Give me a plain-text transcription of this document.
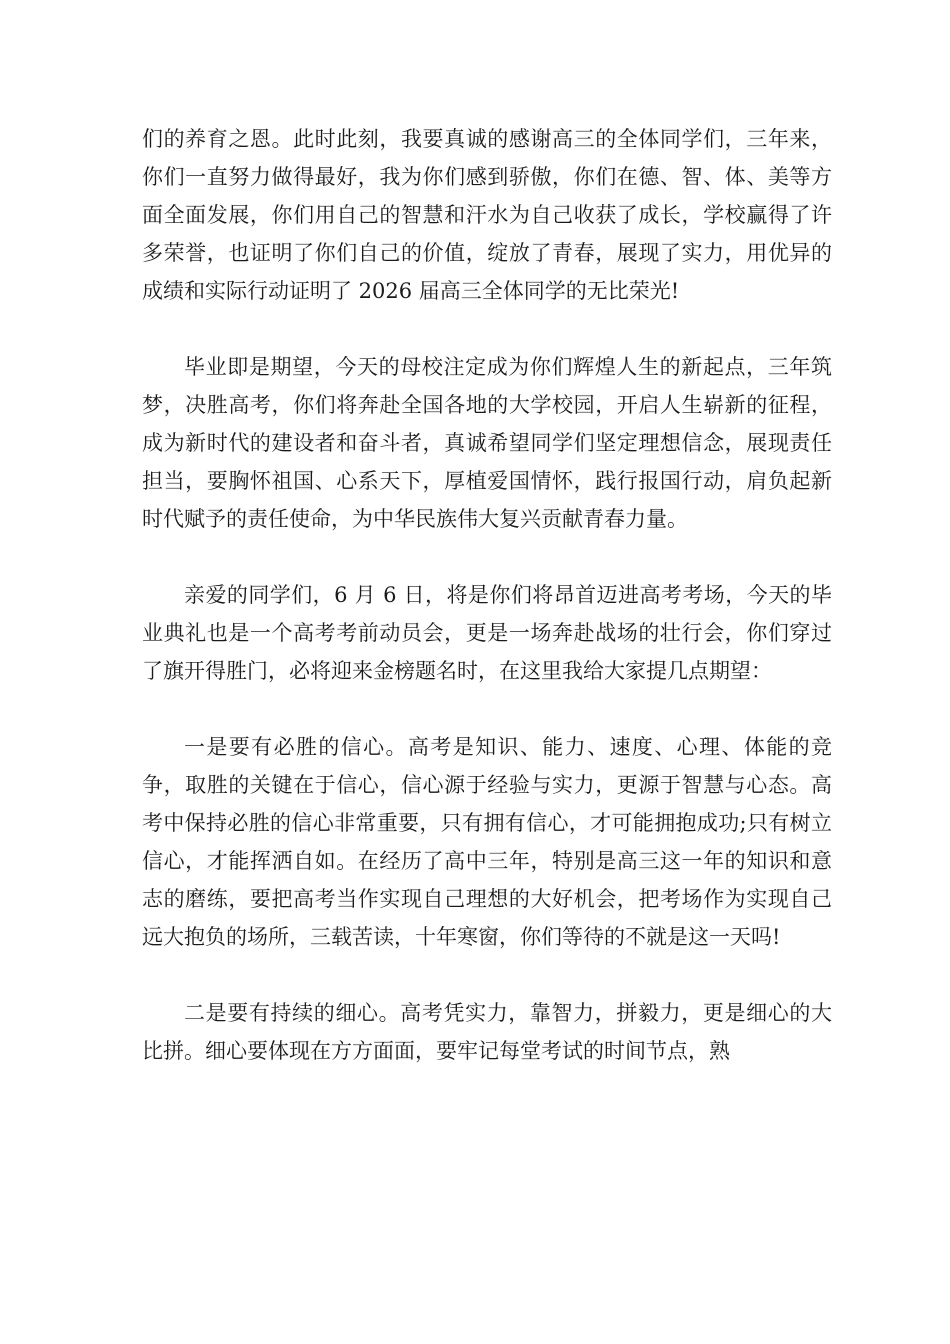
们的养育之恩。此时此刻，我要真诚的感谢高三的全体同学们，三年来，你们一直努力做得最好，我为你们感到骄傲，你们在德、智、体、美等方面全面发展，你们用自己的智慧和汗水为自己收获了成长，学校赢得了许多荣誉，也证明了你们自己的价值，绽放了青春，展现了实力，用优异的成绩和实际行动证明了 2026 届高三全体同学的无比荣光!

毕业即是期望，今天的母校注定成为你们辉煌人生的新起点，三年筑梦，决胜高考，你们将奔赴全国各地的大学校园，开启人生崭新的征程，成为新时代的建设者和奋斗者，真诚希望同学们坚定理想信念，展现责任担当，要胸怀祖国、心系天下，厚植爱国情怀，践行报国行动，肩负起新时代赋予的责任使命，为中华民族伟大复兴贡献青春力量。

亲爱的同学们，6 月 6 日，将是你们将昂首迈进高考考场，今天的毕业典礼也是一个高考考前动员会，更是一场奔赴战场的壮行会，你们穿过了旗开得胜门，必将迎来金榜题名时，在这里我给大家提几点期望：

一是要有必胜的信心。高考是知识、能力、速度、心理、体能的竞争，取胜的关键在于信心，信心源于经验与实力，更源于智慧与心态。高考中保持必胜的信心非常重要，只有拥有信心，才可能拥抱成功;只有树立信心，才能挥洒自如。在经历了高中三年，特别是高三这一年的知识和意志的磨练，要把高考当作实现自己理想的大好机会，把考场作为实现自己远大抱负的场所，三载苦读，十年寒窗，你们等待的不就是这一天吗!

二是要有持续的细心。高考凭实力，靠智力，拼毅力，更是细心的大比拼。细心要体现在方方面面，要牢记每堂考试的时间节点，熟
